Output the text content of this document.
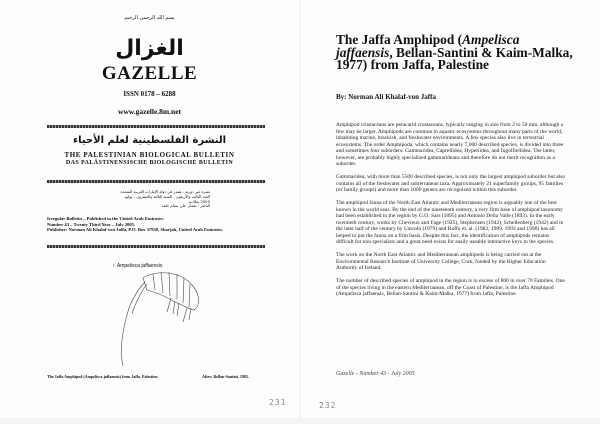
بسم الله الرحمن الرحيم
الغزال
GAZELLE
ISSN 0178 – 6288
www.gazelle.8m.net
النشرة الفلسطينية لعلم الأحياء
THE PALESTINIAN BIOLOGICAL BULLETIN
DAS PALÄSTINENSISCHE BIOLOGISCHE BULLETIN
نشرة غير دورية - تصدر في دولة الإمارات العربية المتحدة
العدد الثالث والأربعون - السنة الثالثة والعشرون - يوليو 2005 ميلادية
الناشر : نعمان علي بسام خلف
Irregular Bulletin – Published in the United Arab Emirates.
Number 43 – Twenty Third Year – July 2005.
Publisher: Norman Ali Khalaf-von Jaffa, P.O. Box 37938, Sharjah, United Arab Emirates.
♀ Ampelisca jaffaensis
The Jaffa Amphipod (Ampelisca jaffaensis) from Jaffa, Palestine.	After: Bellan-Santini, 1982.
231
The Jaffa Amphipod (Ampelisca jaffaensis, Bellan-Santini & Kaim-Malka, 1977) from Jaffa, Palestine
By: Norman Ali Khalaf-von Jaffa

Amphipod crustaceans are peracarid crustaceans, typically ranging in size from 2 to 50 mm, although a few may be larger. Amphipods are common in aquatic ecosystems throughout many parts of the world, inhabiting marine, brackish, and freshwater environments. A few species also live in terrestrial ecosystems. The order Amphipoda, which contains nearly 7,000 described species, is divided into three and sometimes four suborders: Gammaridea, Caprellidea, Hyperiidea, and Ingolfiellidea. The latter, however, are probably highly specialized gammarideans and therefore do not merit recognition as a suborder.

Gammaridea, with more than 5500 described species, is not only the largest amphipod suborder but also contains all of the freshwater and subterranean taxa. Approximately 21 superfamily groups, 95 families (or family groups) and more than 1000 genera are recognized within this suborder.

The amphipod fauna of the North East Atlantic and Mediterranean region is arguably one of the best known in the world seas. By the end of the nineteenth century, a very firm base of amphipod taxonomy had been established in the region by G.O. Sars (1895) and Antonio Della Valle (1893). In the early twentieth century, works by Chevreux and Fage (1925), Stephensen (1942), Schellenberg (1942) and in the later half of the century by Lincoln (1979) and Ruffo et. al. (1982, 1989, 1993 and 1998) has all helped to put the fauna on a firm basis. Despite this fact, the identification of amphipods remains difficult for non specialists and a great need exists for easily useable interactive keys to the species.

The work on the North East Atlantic and Mediterranean amphipods is being carried out at the Environmental Research Institute of University College, Cork, funded by the Higher Education Authority of Ireland.

The number of described species of amphipod in the region is in excess of 800 in over 70 Families. One of the species living in the eastern Mediterranean, off the Coast of Palestine, is the Jaffa Amphipod (Ampelisca jaffaensis, Bellan-Santini & Kaim-Malka, 1977) from Jaffa, Palestine.

Gazelle - Number 43 - July 2005
232
